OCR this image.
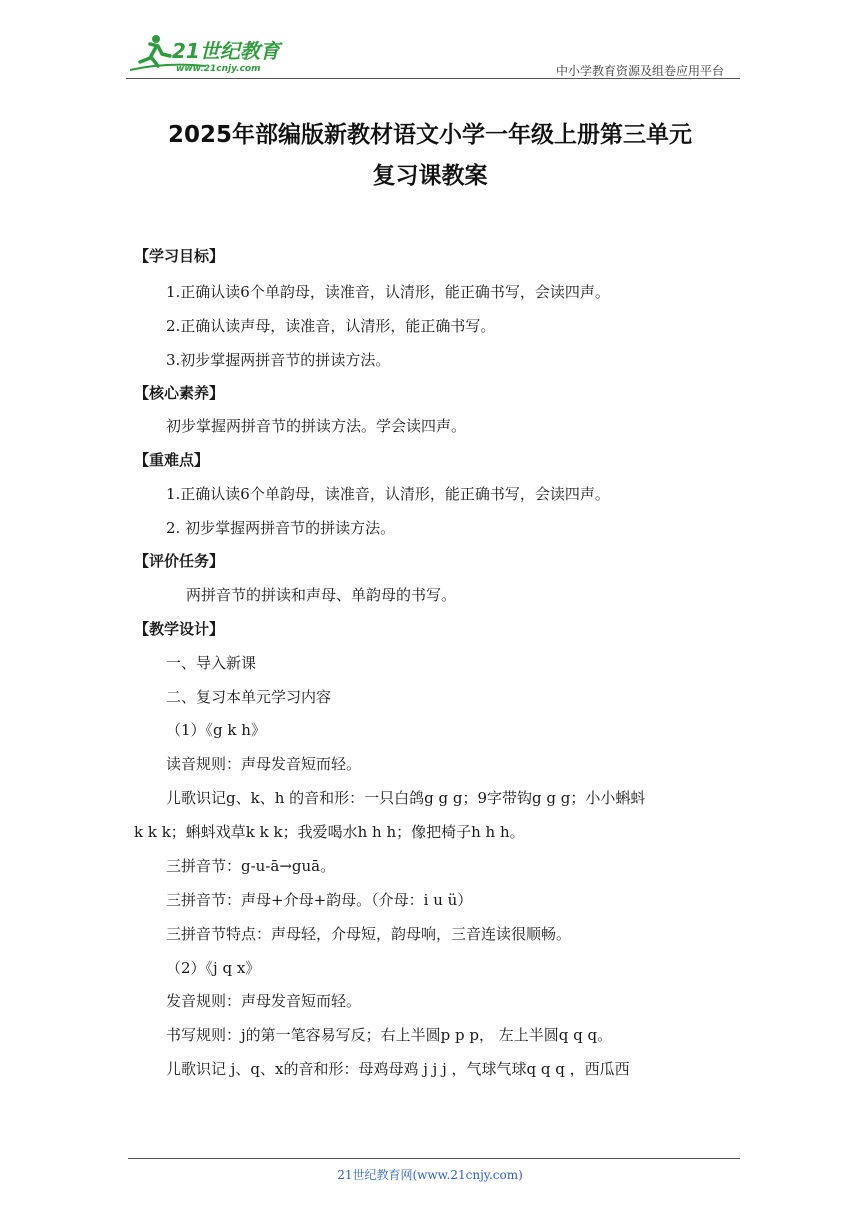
21世纪教育
www.21cnjy.com	中小学教育资源及组卷应用平台
2025年部编版新教材语文小学一年级上册第三单元
复习课教案
【学习目标】
1.正确认读6个单韵母，读准音，认清形，能正确书写，会读四声。
2.正确认读声母，读准音，认清形，能正确书写。
3.初步掌握两拼音节的拼读方法。
【核心素养】
初步掌握两拼音节的拼读方法。学会读四声。
【重难点】
1.正确认读6个单韵母，读准音，认清形，能正确书写，会读四声。
2. 初步掌握两拼音节的拼读方法。
【评价任务】
两拼音节的拼读和声母、单韵母的书写。
【教学设计】
一、导入新课
二、复习本单元学习内容
（1）《g k h》
读音规则：声母发音短而轻。
儿歌识记g、k、h 的音和形：一只白鸽g g g；9字带钩g g g；小小蝌蚪
k k k；蝌蚪戏草k k k；我爱喝水h h h；像把椅子h h h。
三拼音节：g-u-ā→guā。
三拼音节：声母+介母+韵母。（介母：i u ü）
三拼音节特点：声母轻，介母短，韵母响，三音连读很顺畅。
（2）《j q x》
发音规则：声母发音短而轻。
书写规则：j的第一笔容易写反；右上半圆p p p， 左上半圆q q q。
儿歌识记 j、q、x的音和形：母鸡母鸡 j j j ，气球气球q q q ，西瓜西
21世纪教育网(www.21cnjy.com)
